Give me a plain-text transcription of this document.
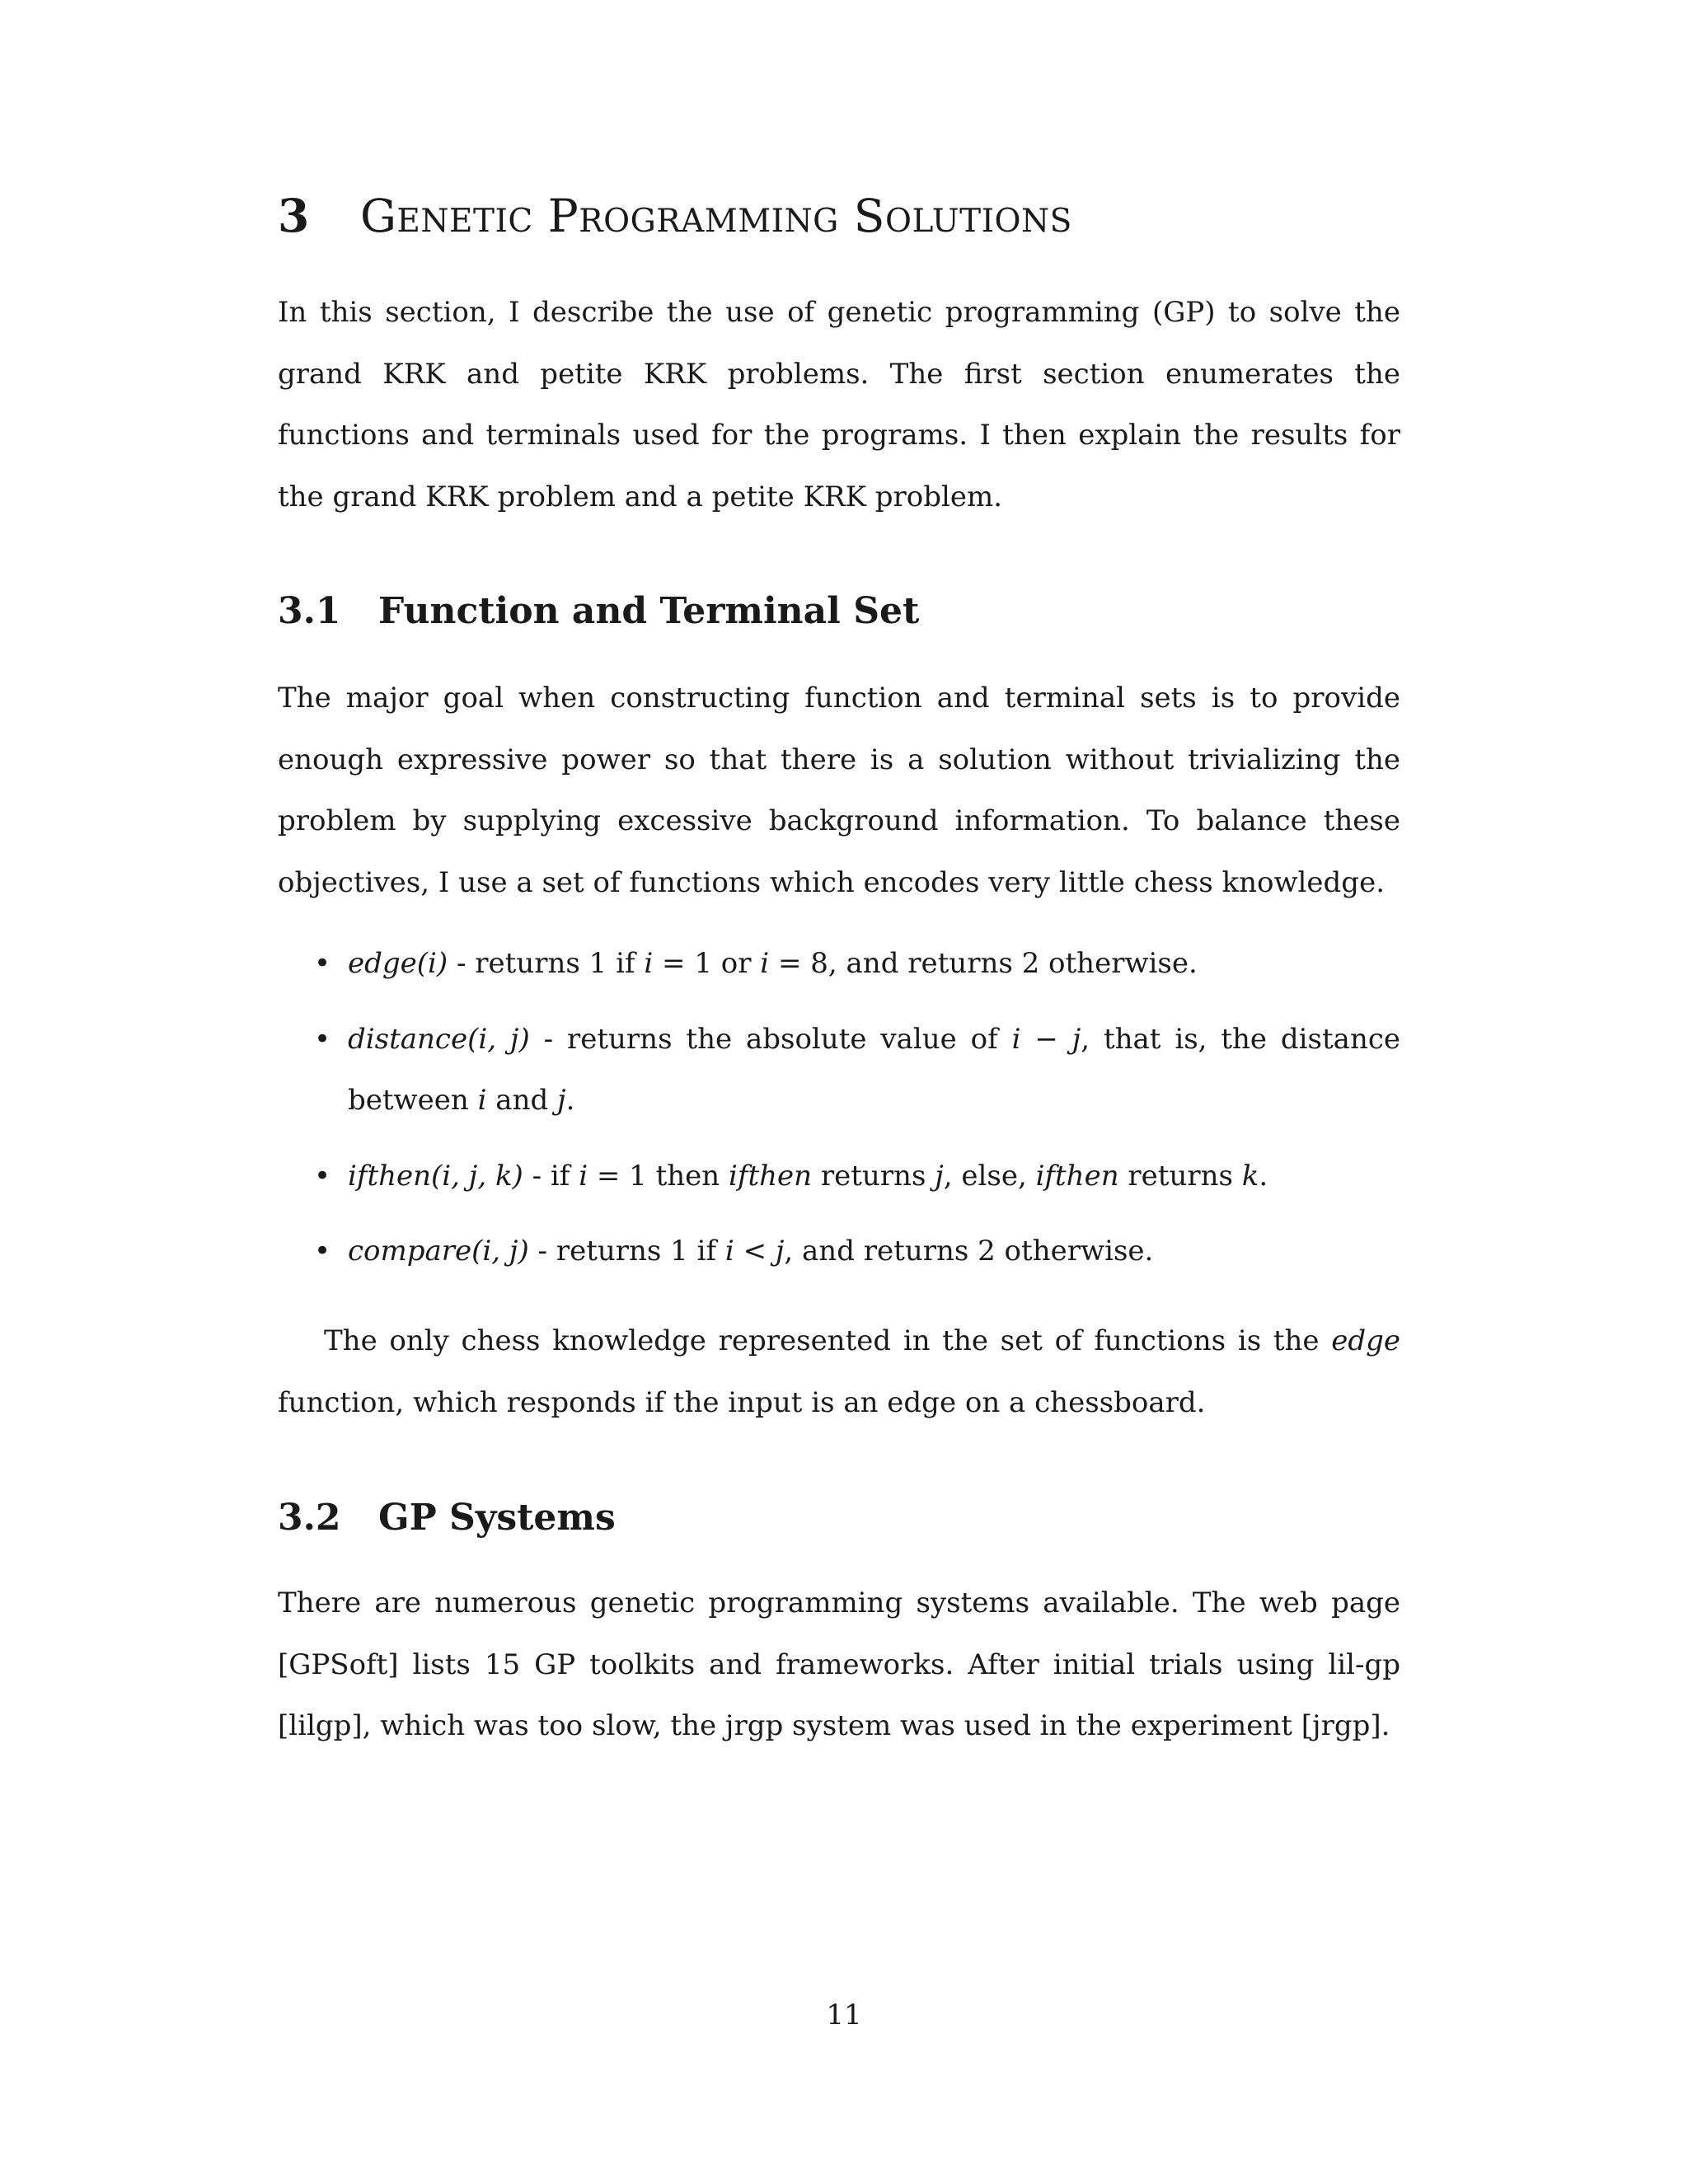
3 Genetic Programming Solutions

In this section, I describe the use of genetic programming (GP) to solve the grand KRK and petite KRK problems. The first section enumerates the functions and terminals used for the programs. I then explain the results for the grand KRK problem and a petite KRK problem.

3.1 Function and Terminal Set

The major goal when constructing function and terminal sets is to provide enough expressive power so that there is a solution without trivializing the problem by supplying excessive background information. To balance these objectives, I use a set of functions which encodes very little chess knowledge.

• edge(i) - returns 1 if i = 1 or i = 8, and returns 2 otherwise.
• distance(i, j) - returns the absolute value of i − j, that is, the distance between i and j.
• ifthen(i, j, k) - if i = 1 then ifthen returns j, else, ifthen returns k.
• compare(i, j) - returns 1 if i < j, and returns 2 otherwise.

The only chess knowledge represented in the set of functions is the edge function, which responds if the input is an edge on a chessboard.

3.2 GP Systems

There are numerous genetic programming systems available. The web page [GPSoft] lists 15 GP toolkits and frameworks. After initial trials using lil-gp [lilgp], which was too slow, the jrgp system was used in the experiment [jrgp].

11
